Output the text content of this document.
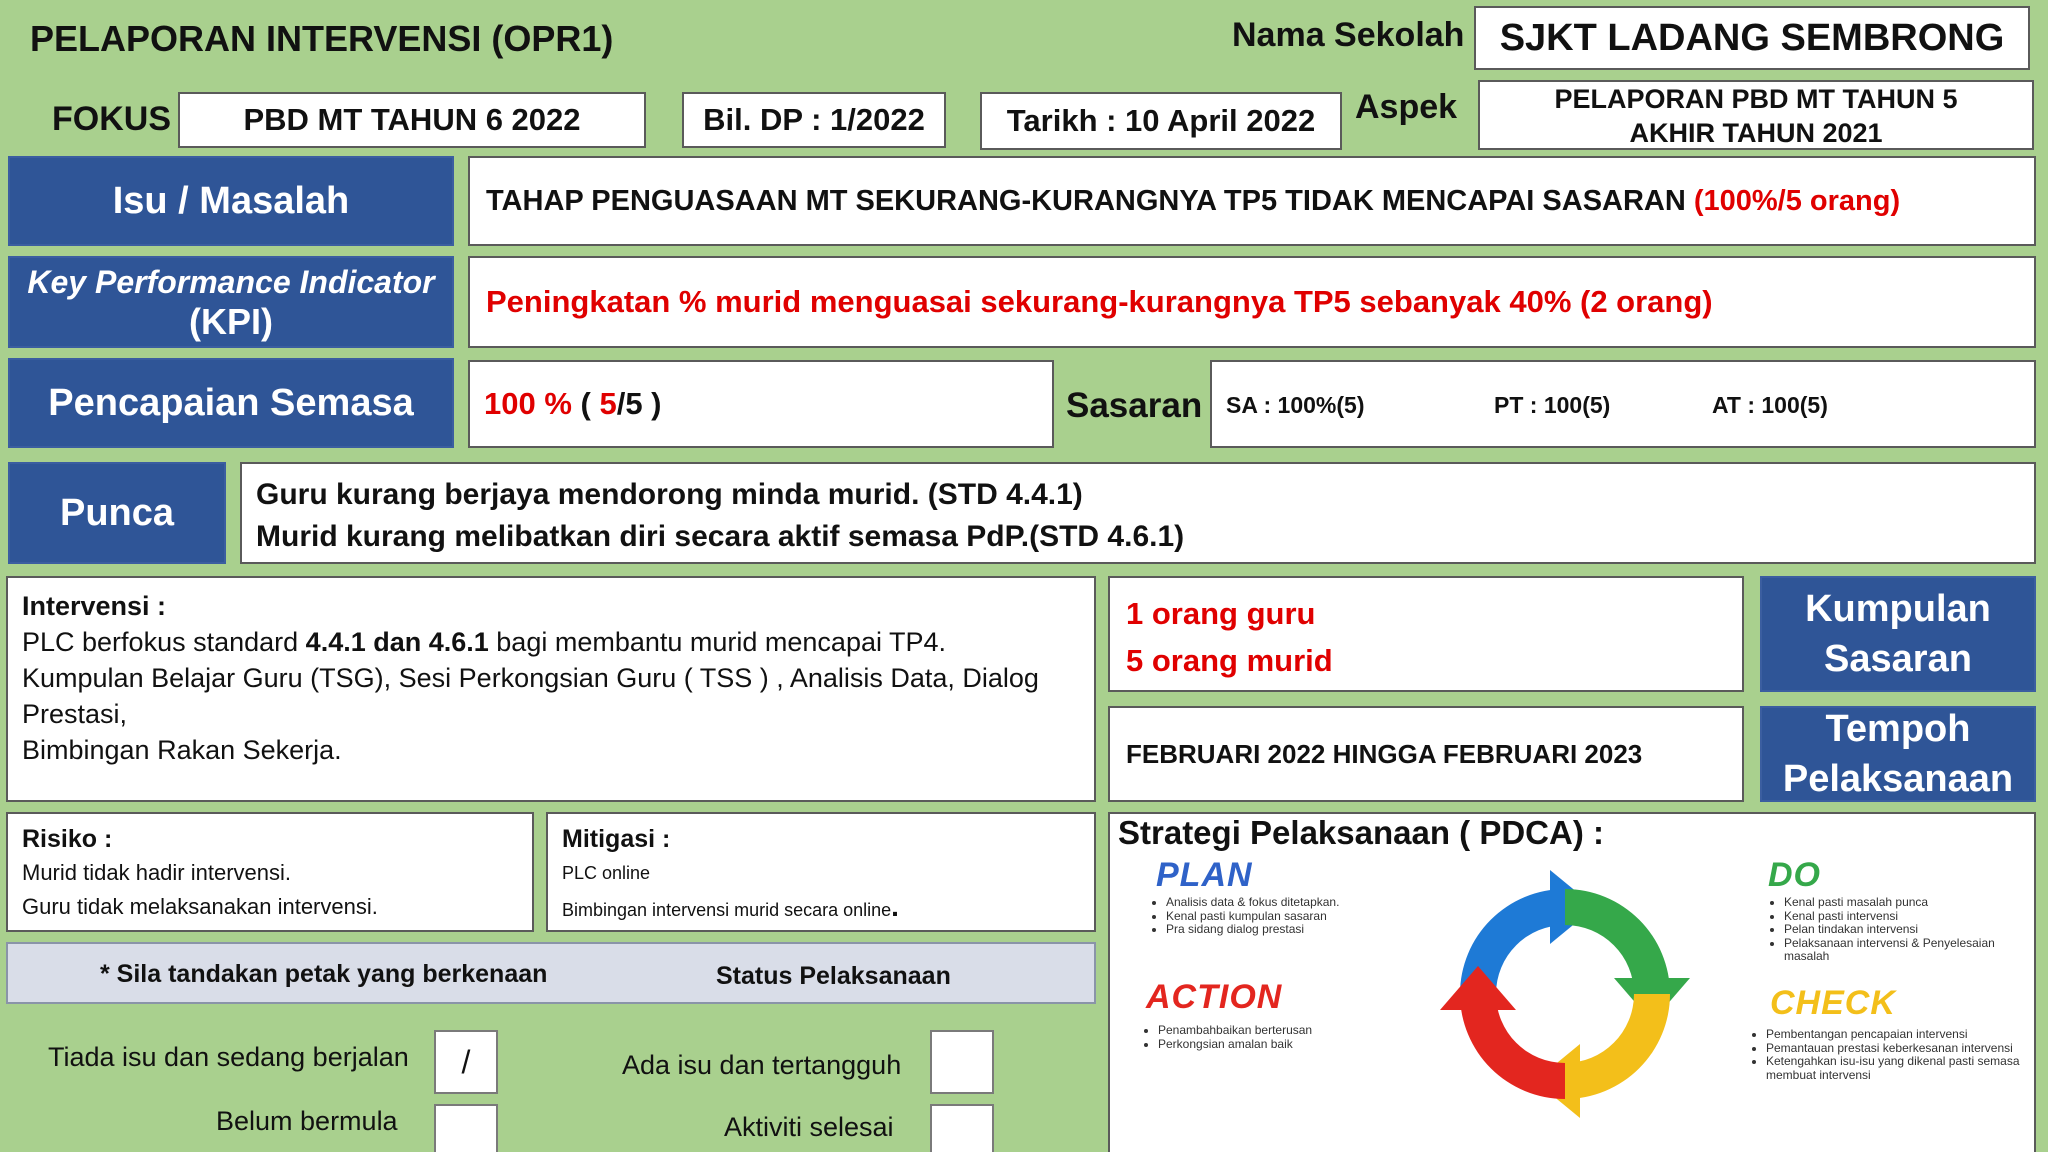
PELAPORAN INTERVENSI (OPR1)	Nama Sekolah SJKT LADANG SEMBRONG
FOKUS	PBD MT TAHUN 6 2022	Bil. DP : 1/2022	Tarikh : 10 April 2022	Aspek	PELAPORAN PBD MT TAHUN 5
AKHIR TAHUN 2021
Isu / Masalah	TAHAP PENGUASAAN MT SEKURANG-KURANGNYA TP5 TIDAK MENCAPAI SASARAN (100%/5 orang)
Key Performance Indicator
(KPI)	Peningkatan % murid menguasai sekurang-kurangnya TP5 sebanyak 40% (2 orang)
Pencapaian Semasa	100 % ( 5 /5 )	Sasaran SA : 100%(5)	PT : 100(5)	AT : 100(5)
Punca	Guru kurang berjaya mendorong minda murid. (STD 4.4.1)
Murid kurang melibatkan diri secara aktif semasa PdP.(STD 4.6.1)
Intervensi :
PLC berfokus standard 4.4.1 dan 4.6.1 bagi membantu murid mencapai TP4.
Kumpulan Belajar Guru (TSG), Sesi Perkongsian Guru ( TSS ) , Analisis Data, Dialog Prestasi,
Bimbingan Rakan Sekerja.
1 orang guru
5 orang murid
Kumpulan
Sasaran
FEBRUARI 2022 HINGGA FEBRUARI 2023
Tempoh
Pelaksanaan
Risiko :
Murid tidak hadir intervensi.
Guru tidak melaksanakan intervensi.
Mitigasi :
PLC online
Bimbingan intervensi murid secara online.
* Sila tandakan petak yang berkenaan	Status Pelaksanaan
Tiada isu dan sedang berjalan /	Ada isu dan tertangguh
Belum bermula	Aktiviti selesai
Strategi Pelaksanaan ( PDCA) :
PLAN
• Analisis data & fokus ditetapkan.
• Kenal pasti kumpulan sasaran
• Pra sidang dialog prestasi
DO
• Kenal pasti masalah punca
• Kenal pasti intervensi
• Pelan tindakan intervensi
• Pelaksanaan intervensi & Penyelesaian masalah
ACTION
• Penambahbaikan berterusan
• Perkongsian amalan baik
CHECK
• Pembentangan pencapaian intervensi
• Pemantauan prestasi keberkesanan intervensi
• Ketengahkan isu-isu yang dikenal pasti semasa membuat intervensi
